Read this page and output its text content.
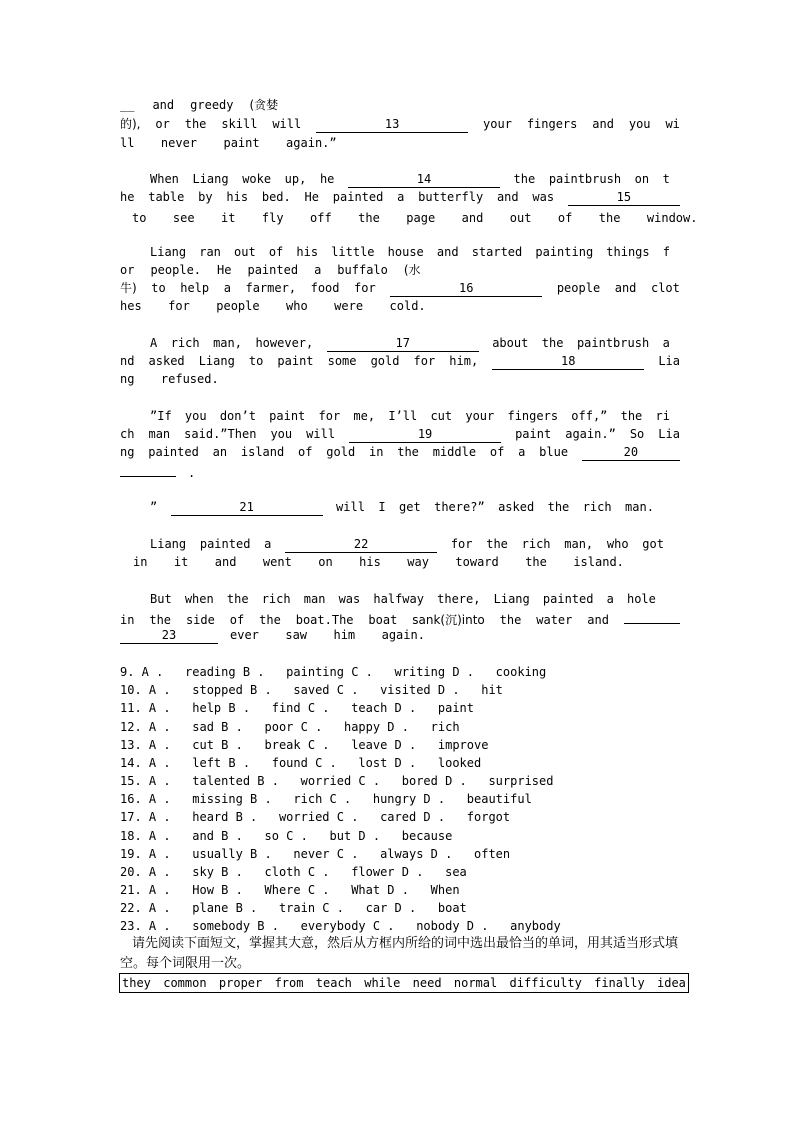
__ and greedy (贪婪
的), or the skill will	13	your fingers and you wi
ll  never  paint  again.”
When Liang woke up, he	14	the paintbrush on t
he table by his bed. He painted a butterfly and was	15
to  see  it  fly  off  the  page  and  out  of  the  window.
Liang ran out of his little house and started painting things f
or people. He painted a buffalo (水
牛) to help a farmer, food for	16	people and clot
hes  for  people  who  were  cold.
A rich man, however,	17	about the paintbrush a
nd asked Liang to paint some gold for him,	18	Lia
ng  refused.
”If you don’t paint for me, I’ll cut your fingers off,” the ri
ch man said.”Then you will	19	paint again.” So Lia
ng painted an island of gold in the middle of a blue	20
.
”	21	will I get there?” asked the rich man.
Liang painted a	22	for the rich man, who got
in  it  and  went  on  his  way  toward  the  island.
But when the rich man was halfway there, Liang painted a hole
in the side of the boat.The boat sank(沉)into the water and
23	ever  saw  him  again.
9. A .   reading B .   painting C .   writing D .   cooking
10. A .   stopped B .   saved C .   visited D .   hit
11. A .   help B .   find C .   teach D .   paint
12. A .   sad B .   poor C .   happy D .   rich
13. A .   cut B .   break C .   leave D .   improve
14. A .   left B .   found C .   lost D .   looked
15. A .   talented B .   worried C .   bored D .   surprised
16. A .   missing B .   rich C .   hungry D .   beautiful
17. A .   heard B .   worried C .   cared D .   forgot
18. A .   and B .   so C .   but D .   because
19. A .   usually B .   never C .   always D .   often
20. A .   sky B .   cloth C .   flower D .   sea
21. A .   How B .   Where C .   What D .   When
22. A .   plane B .   train C .   car D .   boat
23. A .   somebody B .   everybody C .   nobody D .   anybody
请先阅读下面短文，掌握其大意，然后从方框内所给的词中选出最恰当的单词，用其适当形式填空。每个词限用一次。
they common proper from teach while need normal difficulty finally idea
